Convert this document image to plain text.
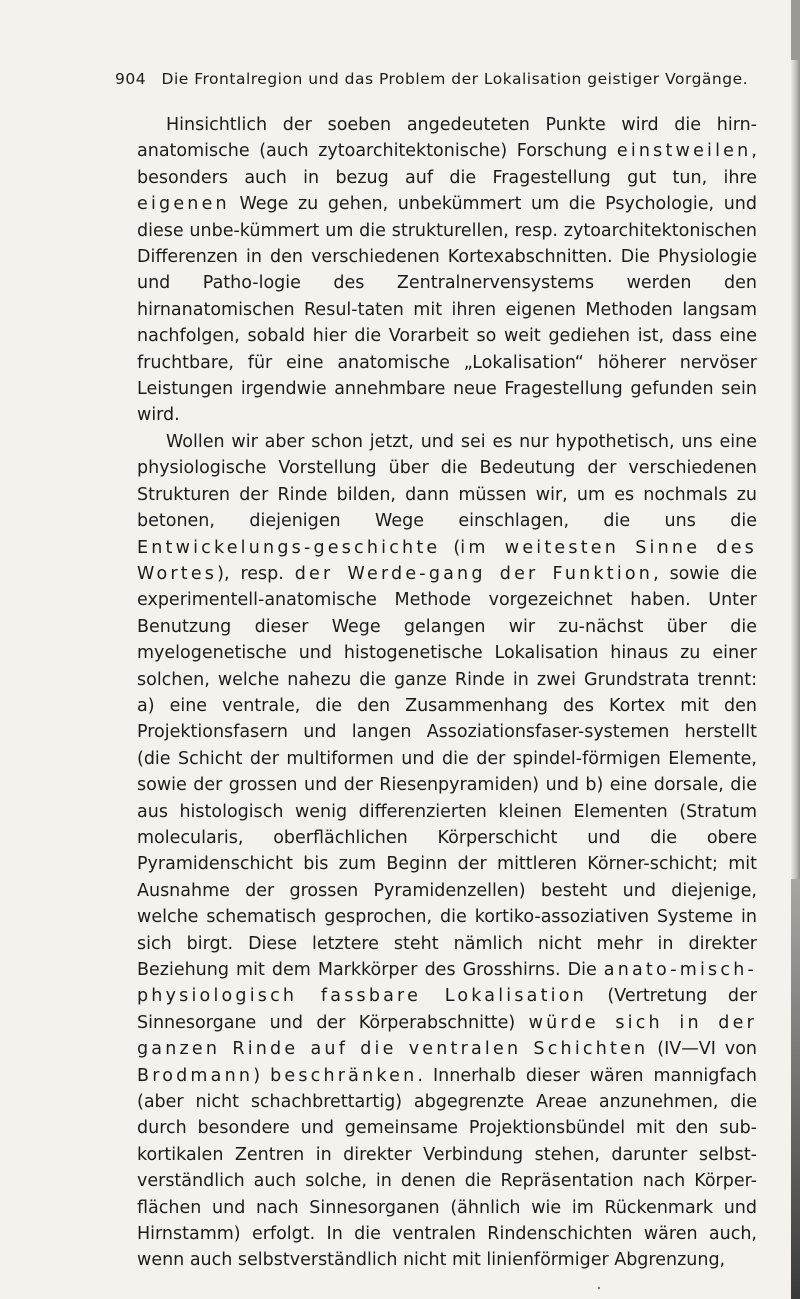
904 Die Frontalregion und das Problem der Lokalisation geistiger Vorgänge.

Hinsichtlich der soeben angedeuteten Punkte wird die hirn-anatomische (auch zytoarchitektonische) Forschung einstweilen, besonders auch in bezug auf die Fragestellung gut tun, ihre eigenen Wege zu gehen, unbekümmert um die Psychologie, und diese unbe-kümmert um die strukturellen, resp. zytoarchitektonischen Differenzen in den verschiedenen Kortexabschnitten. Die Physiologie und Patho-logie des Zentralnervensystems werden den hirnanatomischen Resul-taten mit ihren eigenen Methoden langsam nachfolgen, sobald hier die Vorarbeit so weit gediehen ist, dass eine fruchtbare, für eine anatomische „Lokalisation“ höherer nervöser Leistungen irgendwie annehmbare neue Fragestellung gefunden sein wird.

Wollen wir aber schon jetzt, und sei es nur hypothetisch, uns eine physiologische Vorstellung über die Bedeutung der verschiedenen Strukturen der Rinde bilden, dann müssen wir, um es nochmals zu betonen, diejenigen Wege einschlagen, die uns die Entwickelungs-geschichte (im weitesten Sinne des Wortes), resp. der Werde-gang der Funktion, sowie die experimentell-anatomische Methode vorgezeichnet haben. Unter Benutzung dieser Wege gelangen wir zu-nächst über die myelogenetische und histogenetische Lokalisation hinaus zu einer solchen, welche nahezu die ganze Rinde in zwei Grundstrata trennt: a) eine ventrale, die den Zusammenhang des Kortex mit den Projektionsfasern und langen Assoziationsfaser-systemen herstellt (die Schicht der multiformen und die der spindel-förmigen Elemente, sowie der grossen und der Riesenpyramiden) und b) eine dorsale, die aus histologisch wenig differenzierten kleinen Elementen (Stratum molecularis, oberflächlichen Körperschicht und die obere Pyramidenschicht bis zum Beginn der mittleren Körner-schicht; mit Ausnahme der grossen Pyramidenzellen) besteht und diejenige, welche schematisch gesprochen, die kortiko-assoziativen Systeme in sich birgt. Diese letztere steht nämlich nicht mehr in direkter Beziehung mit dem Markkörper des Grosshirns. Die anato-misch-physiologisch fassbare Lokalisation (Vertretung der Sinnesorgane und der Körperabschnitte) würde sich in der ganzen Rinde auf die ventralen Schichten (IV—VI von Brodmann) beschränken. Innerhalb dieser wären mannigfach (aber nicht schachbrettartig) abgegrenzte Areae anzunehmen, die durch besondere und gemeinsame Projektionsbündel mit den sub-kortikalen Zentren in direkter Verbindung stehen, darunter selbst-verständlich auch solche, in denen die Repräsentation nach Körper-flächen und nach Sinnesorganen (ähnlich wie im Rückenmark und Hirnstamm) erfolgt. In die ventralen Rindenschichten wären auch, wenn auch selbstverständlich nicht mit linienförmiger Abgrenzung,
